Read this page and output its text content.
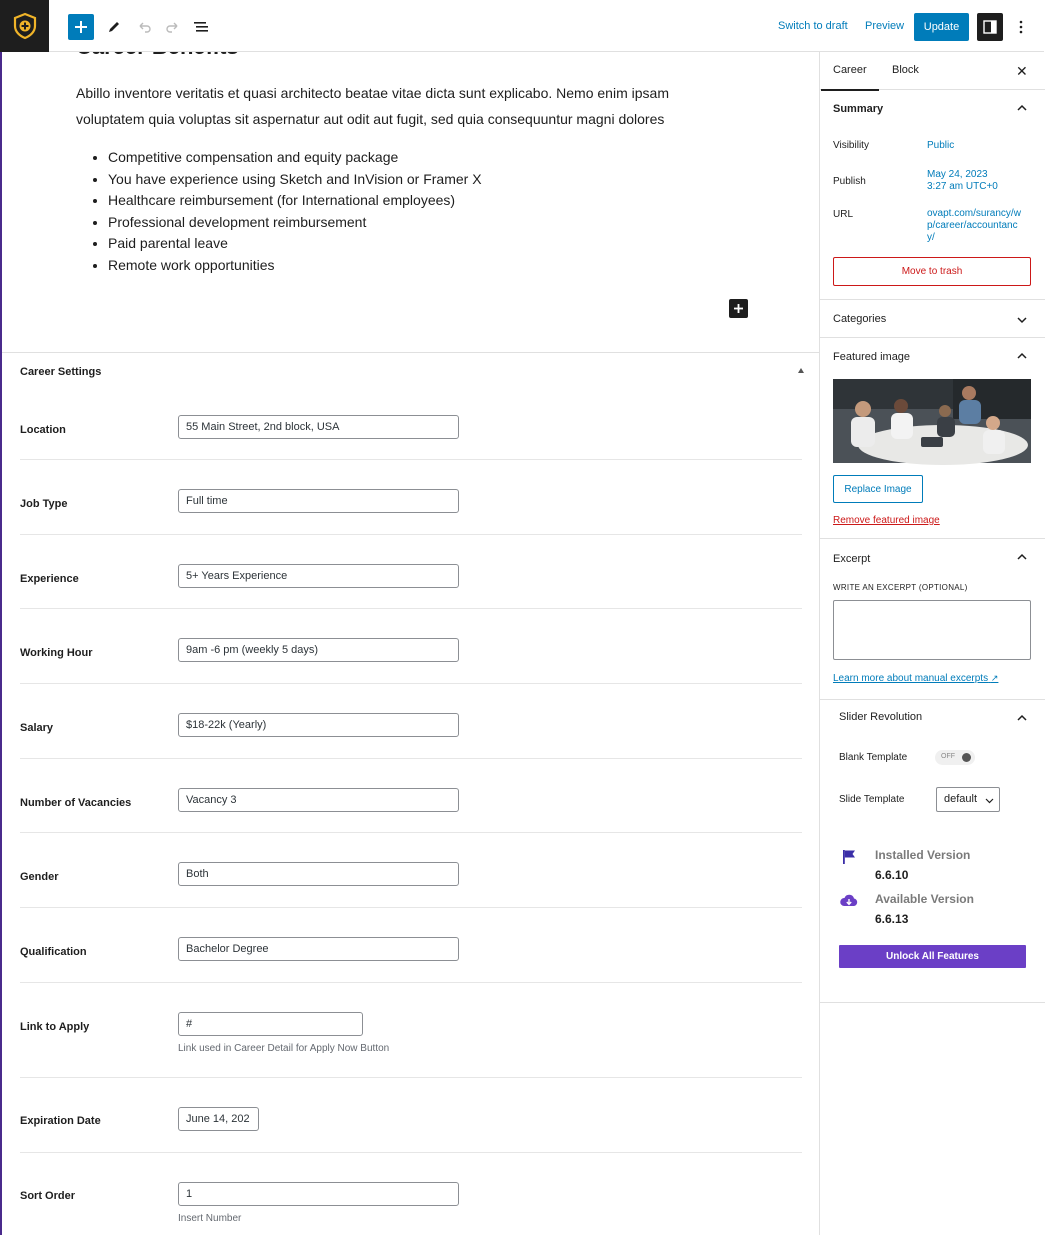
Switch to draft Preview	Update

Abillo inventore veritatis et quasi architecto beatae vitae dicta sunt explicabo. Nemo enim ipsam voluptatem quia voluptas sit aspernatur aut odit aut fugit, sed quia consequuntur magni dolores

• Competitive compensation and equity package
• You have experience using Sketch and InVision or Framer X
• Healthcare reimbursement (for International employees)
• Professional development reimbursement
• Paid parental leave
• Remote work opportunities
Career Settings
Location	55 Main Street, 2nd block, USA
Job Type	Full time
Experience	5+ Years Experience
Working Hour	9am -6 pm (weekly 5 days)
Salary	$18-22k (Yearly)
Number of Vacancies	Vacancy 3
Gender	Both
Qualification	Bachelor Degree
Link to Apply	#
Link used in Career Detail for Apply Now Button
Expiration Date	June 14, 202
Sort Order	1
Insert Number
Career Block	✕
Summary
Visibility	Public
Publish
May 24, 2023
3:27 am UTC+0
URL	ovapt.com/surancy/wp/career/accountancy/
Move to trash
Categories
Featured image
Replace Image
Remove featured image
Excerpt
WRITE AN EXCERPT (OPTIONAL)
Learn more about manual excerpts ↗
Slider Revolution
Blank Template	OFF
Slide Template	default
Installed Version
6.6.10
Available Version
6.6.13
Unlock All Features
